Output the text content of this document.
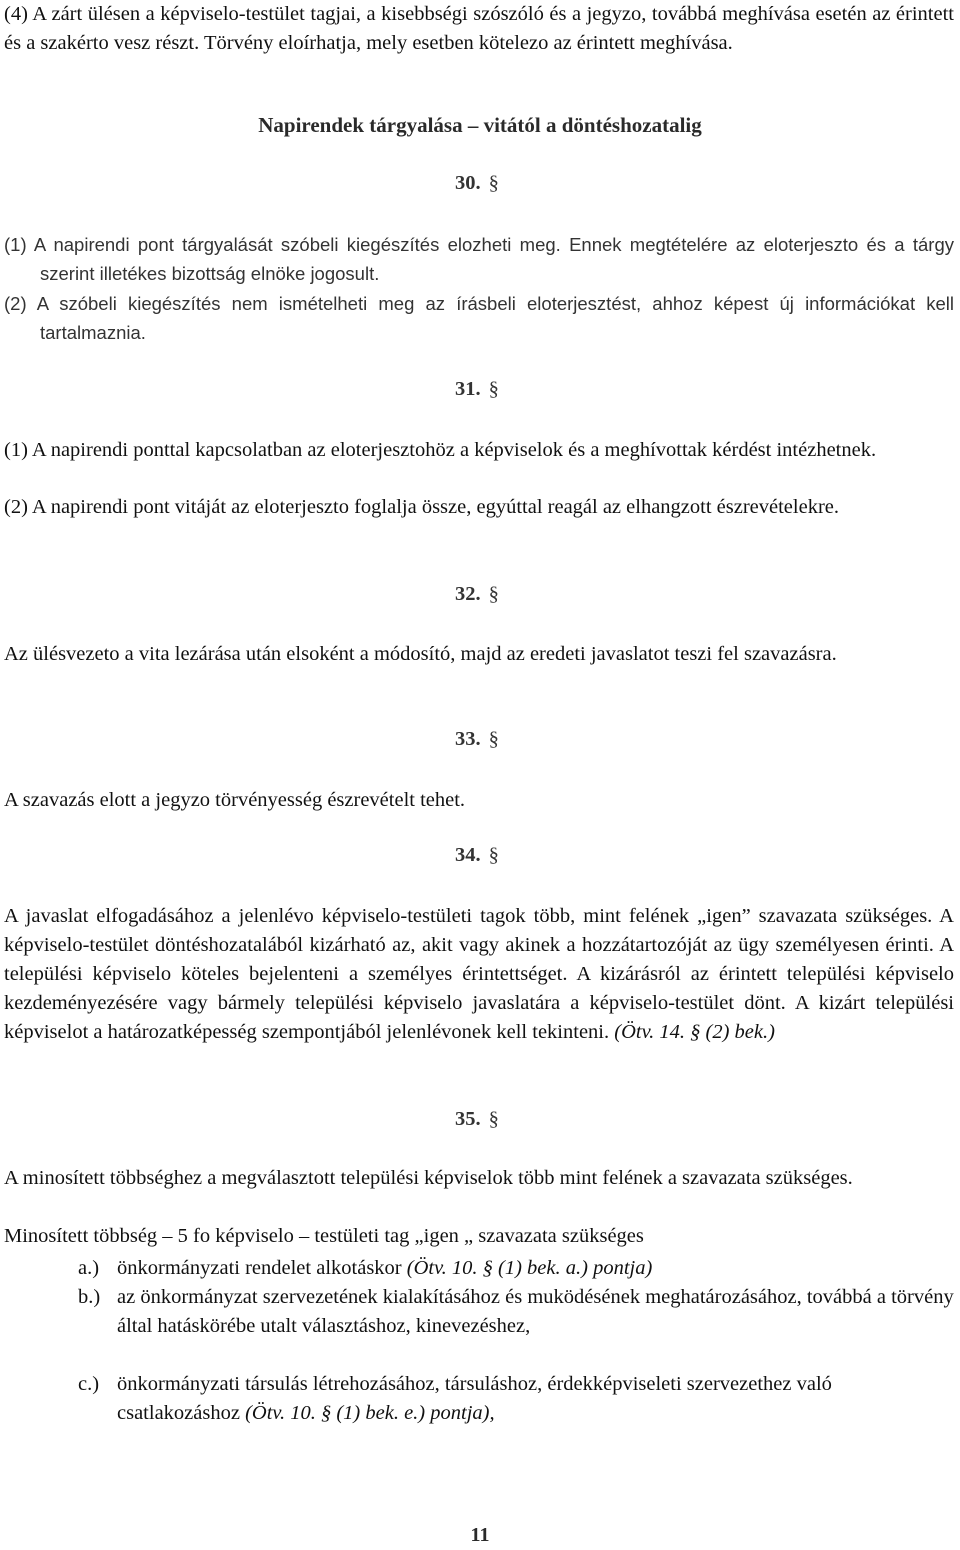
(4) A zárt ülésen a képviselo-testület tagjai, a kisebbségi szószóló és a jegyzo, továbbá meghívása esetén az érintett és a szakérto vesz részt. Törvény eloírhatja, mely esetben kötelezo az érintett meghívása.

Napirendek tárgyalása – vitától a döntéshozatalig
30. §

(1) A napirendi pont tárgyalását szóbeli kiegészítés elozheti meg. Ennek megtételére az eloterjeszto és a tárgy szerint illetékes bizottság elnöke jogosult.

(2) A szóbeli kiegészítés nem ismételheti meg az írásbeli eloterjesztést, ahhoz képest új információkat kell tartalmaznia.

31. §

(1) A napirendi ponttal kapcsolatban az eloterjesztohöz a képviselok és a meghívottak kérdést intézhetnek.

(2) A napirendi pont vitáját az eloterjeszto foglalja össze, egyúttal reagál az elhangzott észrevételekre.

32. §

Az ülésvezeto a vita lezárása után elsoként a módosító, majd az eredeti javaslatot teszi fel szavazásra.

33. §

A szavazás elott a jegyzo törvényesség észrevételt tehet.

34. §

A javaslat elfogadásához a jelenlévo képviselo-testületi tagok több, mint felének „igen” szavazata szükséges. A képviselo-testület döntéshozatalából kizárható az, akit vagy akinek a hozzátartozóját az ügy személyesen érinti. A települési képviselo köteles bejelenteni a személyes érintettséget. A kizárásról az érintett települési képviselo kezdeményezésére vagy bármely települési képviselo javaslatára a képviselo-testület dönt. A kizárt települési képviselot a határozatképesség szempontjából jelenlévonek kell tekinteni. (Ötv. 14. § (2) bek.)

35. §

A minosített többséghez a megválasztott települési képviselok több mint felének a szavazata szükséges.

Minosített többség – 5 fo képviselo – testületi tag „igen „ szavazata szükséges

a.) önkormányzati rendelet alkotáskor (Ötv. 10. § (1) bek. a.) pontja)
b.) az önkormányzat szervezetének kialakításához és muködésének meghatározásához, továbbá a törvény által hatáskörébe utalt választáshoz, kinevezéshez,
c.) önkormányzati társulás létrehozásához, társuláshoz, érdekképviseleti szervezethez való csatlakozáshoz (Ötv. 10. § (1) bek. e.) pontja),
11
